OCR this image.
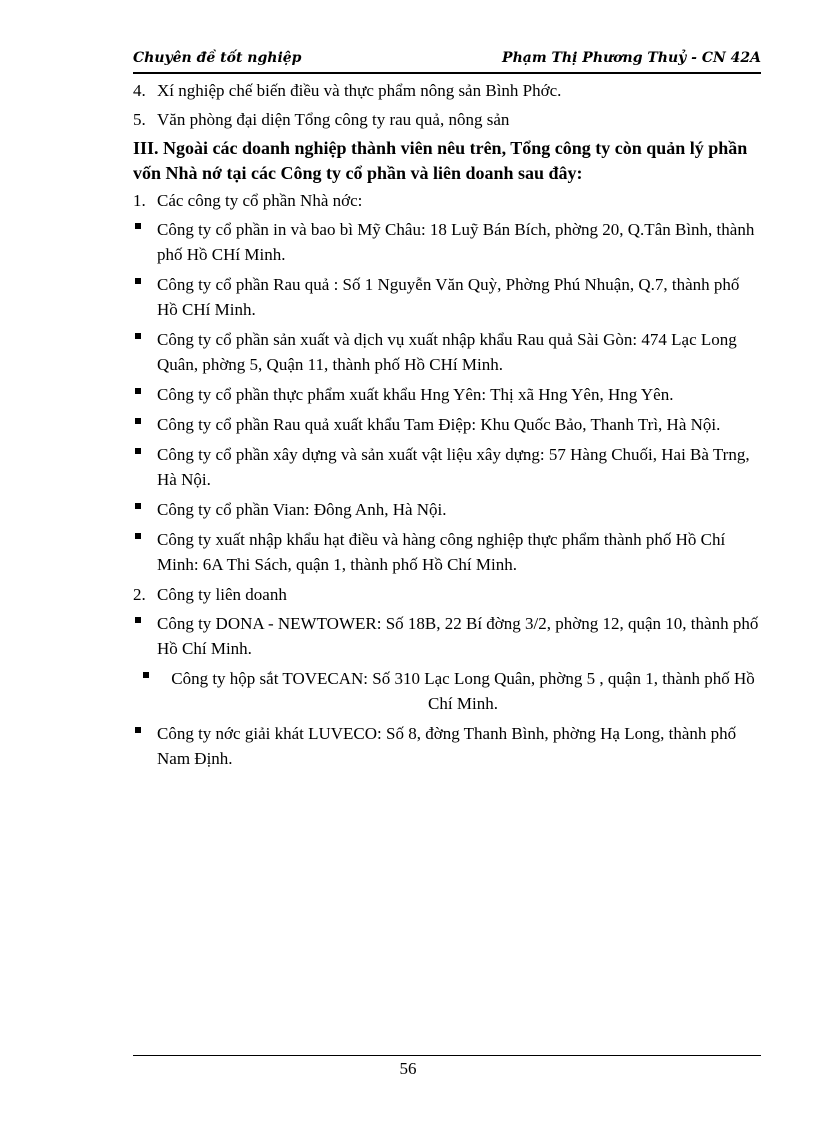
Chuyên đề tốt nghiệp	Phạm Thị Phương Thuỷ - CN 42A
4. Xí nghiệp chế biến điều và thực phẩm nông sản Bình Phớc.
5. Văn phòng đại diện Tổng công ty rau quả, nông sản
III. Ngoài các doanh nghiệp thành viên nêu trên, Tổng công ty còn quản lý phần vốn Nhà nớ tại các Công ty cổ phần và liên doanh sau đây:
1. Các công ty cổ phần Nhà nớc:
Công ty cổ phần in và bao bì Mỹ Châu: 18 Luỹ Bán Bích, phờng 20, Q.Tân Bình, thành phố Hồ CHí Minh.
Công ty cổ phần Rau quả : Số 1 Nguyễn Văn Quỳ, Phờng Phú Nhuận, Q.7, thành phố Hồ CHí Minh.
Công ty cổ phần sản xuất và dịch vụ xuất nhập khẩu Rau quả Sài Gòn: 474 Lạc Long Quân, phờng 5, Quận 11, thành phố Hồ CHí Minh.
Công ty cổ phần thực phẩm xuất khẩu Hng Yên: Thị xã Hng Yên, Hng Yên.
Công ty cổ phần Rau quả xuất khẩu Tam Điệp: Khu Quốc Bảo, Thanh Trì, Hà Nội.
Công ty cổ phần xây dựng và sản xuất vật liệu xây dựng: 57 Hàng Chuối, Hai Bà Trng, Hà Nội.
Công ty cổ phần Vian: Đông Anh, Hà Nội.
Công ty xuất nhập khẩu hạt điều và hàng công nghiệp thực phẩm thành phố Hồ Chí Minh: 6A Thi Sách, quận 1, thành phố Hồ Chí Minh.
2. Công ty liên doanh
Công ty DONA - NEWTOWER: Số 18B, 22 Bí đờng 3/2, phờng 12, quận 10, thành phố Hồ Chí Minh.
Công ty hộp sắt TOVECAN: Số 310 Lạc Long Quân, phờng 5 , quận 1, thành phố Hồ Chí Minh.
Công ty nớc giải khát LUVECO: Số 8, đờng Thanh Bình, phờng Hạ Long, thành phố Nam Định.
56
